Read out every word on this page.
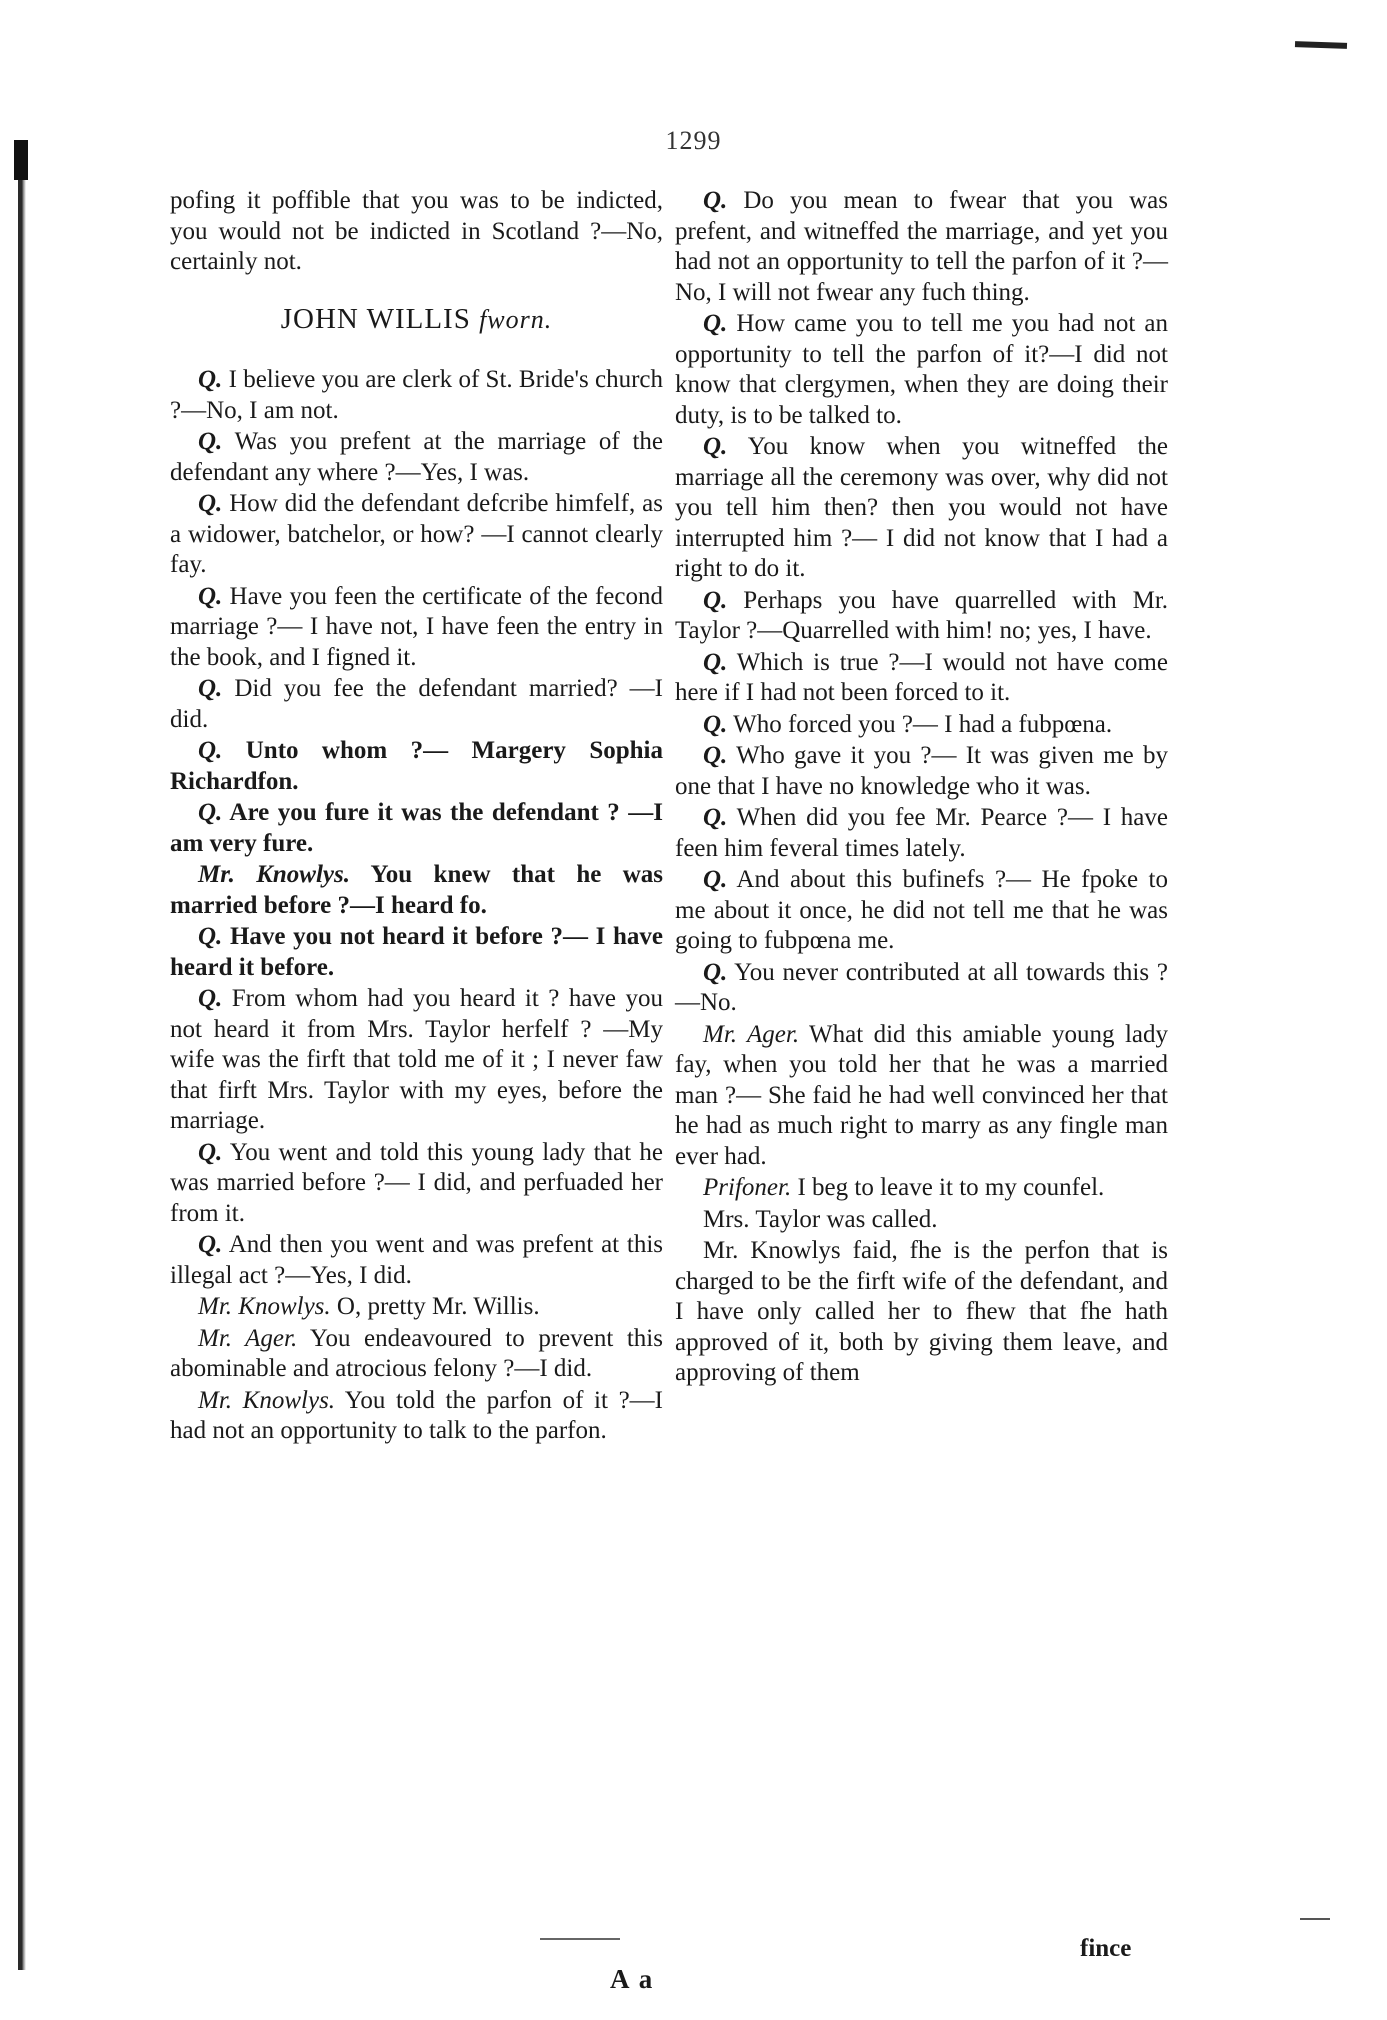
1299

pofing it poffible that you was to be indicted, you would not be indicted in Scotland ?—No, certainly not.

JOHN WILLIS fworn.

Q. I believe you are clerk of St. Bride's church ?—No, I am not.

Q. Was you prefent at the marriage of the defendant any where ?—Yes, I was.

Q. How did the defendant defcribe himfelf, as a widower, batchelor, or how? —I cannot clearly fay.

Q. Have you feen the certificate of the fecond marriage ?— I have not, I have feen the entry in the book, and I figned it.

Q. Did you fee the defendant married? —I did.

Q. Unto whom ?— Margery Sophia Richardfon.

Q. Are you fure it was the defendant ? —I am very fure.

Mr. Knowlys. You knew that he was married before ?—I heard fo.

Q. Have you not heard it before ?— I have heard it before.

Q. From whom had you heard it ? have you not heard it from Mrs. Taylor herfelf ? —My wife was the firft that told me of it ; I never faw that firft Mrs. Taylor with my eyes, before the marriage.

Q. You went and told this young lady that he was married before ?— I did, and perfuaded her from it.

Q. And then you went and was prefent at this illegal act ?—Yes, I did.

Mr. Knowlys. O, pretty Mr. Willis.

Mr. Ager. You endeavoured to prevent this abominable and atrocious felony ?—I did.

Mr. Knowlys. You told the parfon of it ?—I had not an opportunity to talk to the parfon.

Q. Do you mean to fwear that you was prefent, and witneffed the marriage, and yet you had not an opportunity to tell the parfon of it ?— No, I will not fwear any fuch thing.

Q. How came you to tell me you had not an opportunity to tell the parfon of it?—I did not know that clergymen, when they are doing their duty, is to be talked to.

Q. You know when you witneffed the marriage all the ceremony was over, why did not you tell him then? then you would not have interrupted him ?— I did not know that I had a right to do it.

Q. Perhaps you have quarrelled with Mr. Taylor ?—Quarrelled with him! no; yes, I have.

Q. Which is true ?—I would not have come here if I had not been forced to it.

Q. Who forced you ?— I had a fubpœna.

Q. Who gave it you ?— It was given me by one that I have no knowledge who it was.

Q. When did you fee Mr. Pearce ?— I have feen him feveral times lately.

Q. And about this bufinefs ?— He fpoke to me about it once, he did not tell me that he was going to fubpœna me.

Q. You never contributed at all towards this ?—No.

Mr. Ager. What did this amiable young lady fay, when you told her that he was a married man ?— She faid he had well convinced her that he had as much right to marry as any fingle man ever had.

Prifoner. I beg to leave it to my counfel.

Mrs. Taylor was called.

Mr. Knowlys faid, fhe is the perfon that is charged to be the firft wife of the defendant, and I have only called her to fhew that fhe hath approved of it, both by giving them leave, and approving of them

fince
A a
